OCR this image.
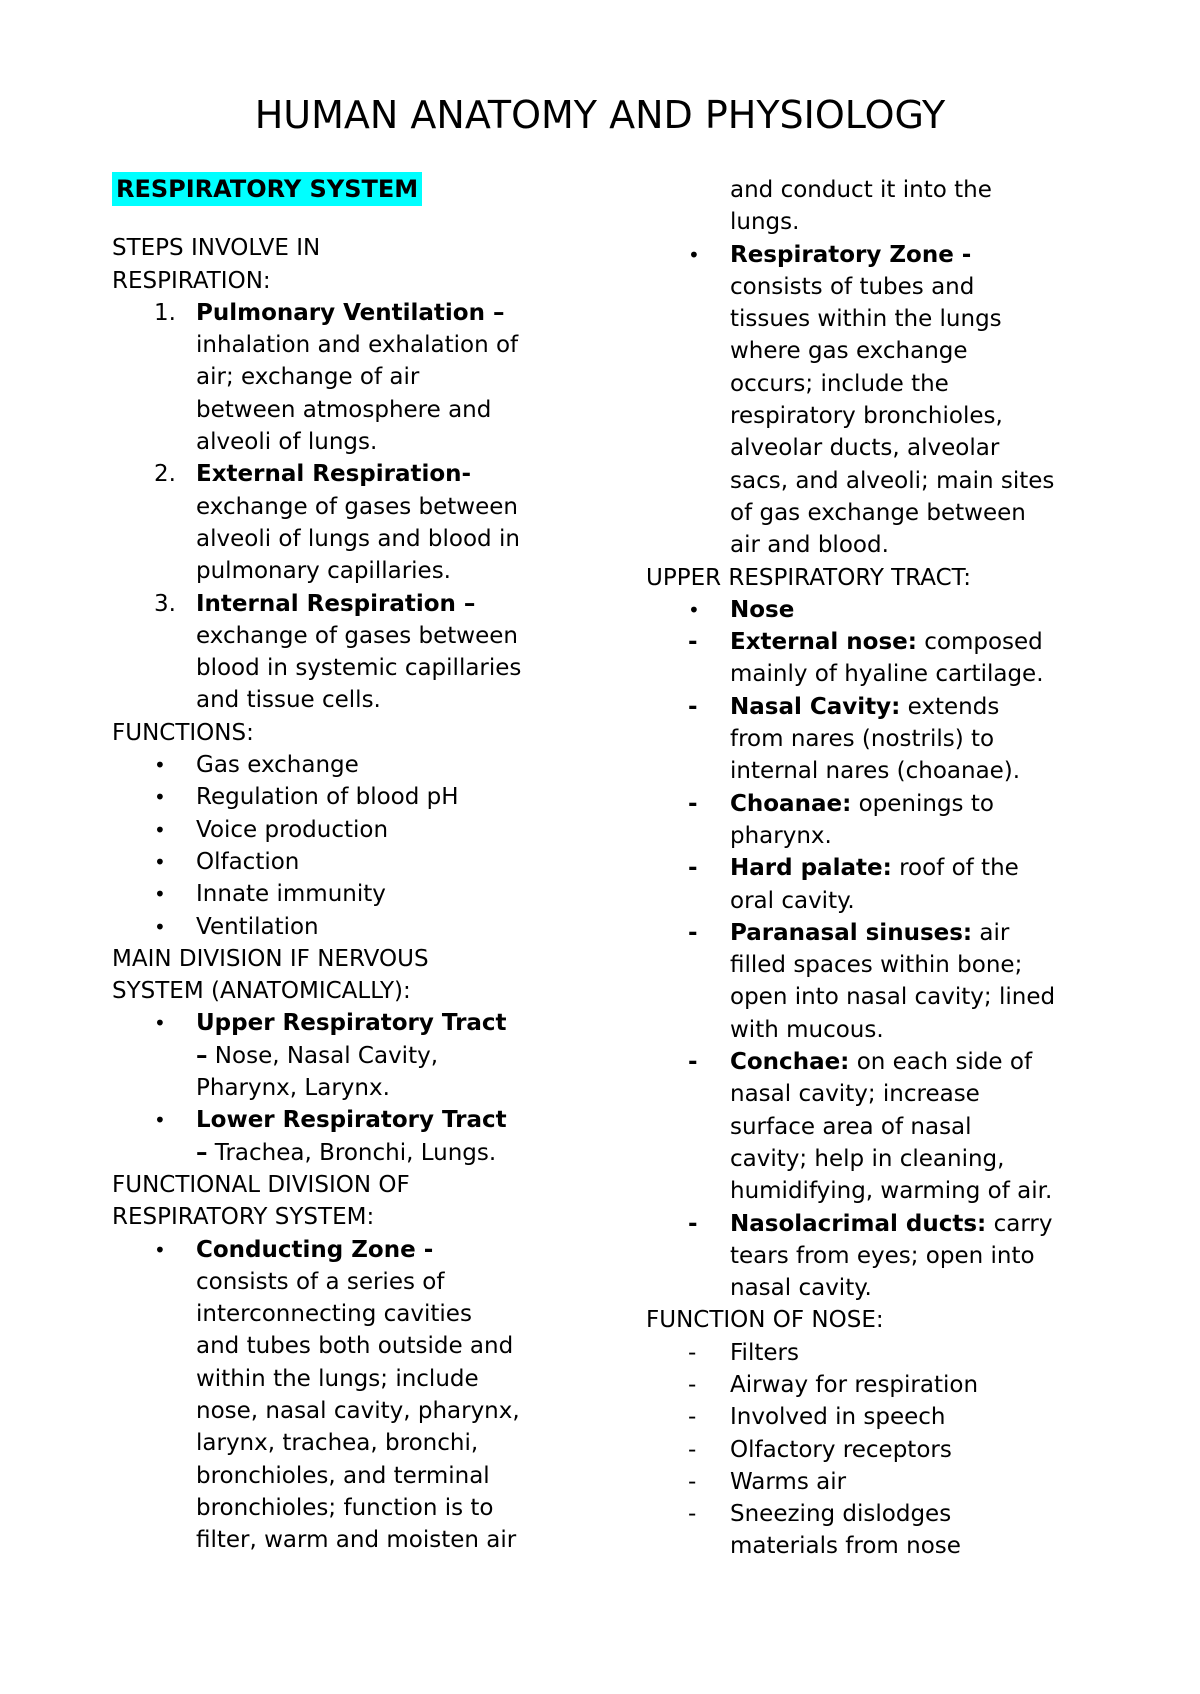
HUMAN ANATOMY AND PHYSIOLOGY
RESPIRATORY SYSTEM
STEPS INVOLVE IN
RESPIRATION:
1. Pulmonary Ventilation –
inhalation and exhalation of
air; exchange of air
between atmosphere and
alveoli of lungs.
2. External Respiration-
exchange of gases between
alveoli of lungs and blood in
pulmonary capillaries.
3. Internal Respiration –
exchange of gases between
blood in systemic capillaries
and tissue cells.
FUNCTIONS:
• Gas exchange
• Regulation of blood pH
• Voice production
• Olfaction
• Innate immunity
• Ventilation
MAIN DIVISION IF NERVOUS
SYSTEM (ANATOMICALLY):
• Upper Respiratory Tract
– Nose, Nasal Cavity,
Pharynx, Larynx.
• Lower Respiratory Tract
– Trachea, Bronchi, Lungs.
FUNCTIONAL DIVISION OF
RESPIRATORY SYSTEM:
• Conducting Zone -
consists of a series of
interconnecting cavities
and tubes both outside and
within the lungs; include
nose, nasal cavity, pharynx,
larynx, trachea, bronchi,
bronchioles, and terminal
bronchioles; function is to
filter, warm and moisten air
and conduct it into the
lungs.
• Respiratory Zone -
consists of tubes and
tissues within the lungs
where gas exchange
occurs; include the
respiratory bronchioles,
alveolar ducts, alveolar
sacs, and alveoli; main sites
of gas exchange between
air and blood.
UPPER RESPIRATORY TRACT:
• Nose
- External nose: composed
mainly of hyaline cartilage.
- Nasal Cavity: extends
from nares (nostrils) to
internal nares (choanae).
- Choanae: openings to
pharynx.
- Hard palate: roof of the
oral cavity.
- Paranasal sinuses: air
filled spaces within bone;
open into nasal cavity; lined
with mucous.
- Conchae: on each side of
nasal cavity; increase
surface area of nasal
cavity; help in cleaning,
humidifying, warming of air.
- Nasolacrimal ducts: carry
tears from eyes; open into
nasal cavity.
FUNCTION OF NOSE:
- Filters
- Airway for respiration
- Involved in speech
- Olfactory receptors
- Warms air
- Sneezing dislodges
materials from nose
